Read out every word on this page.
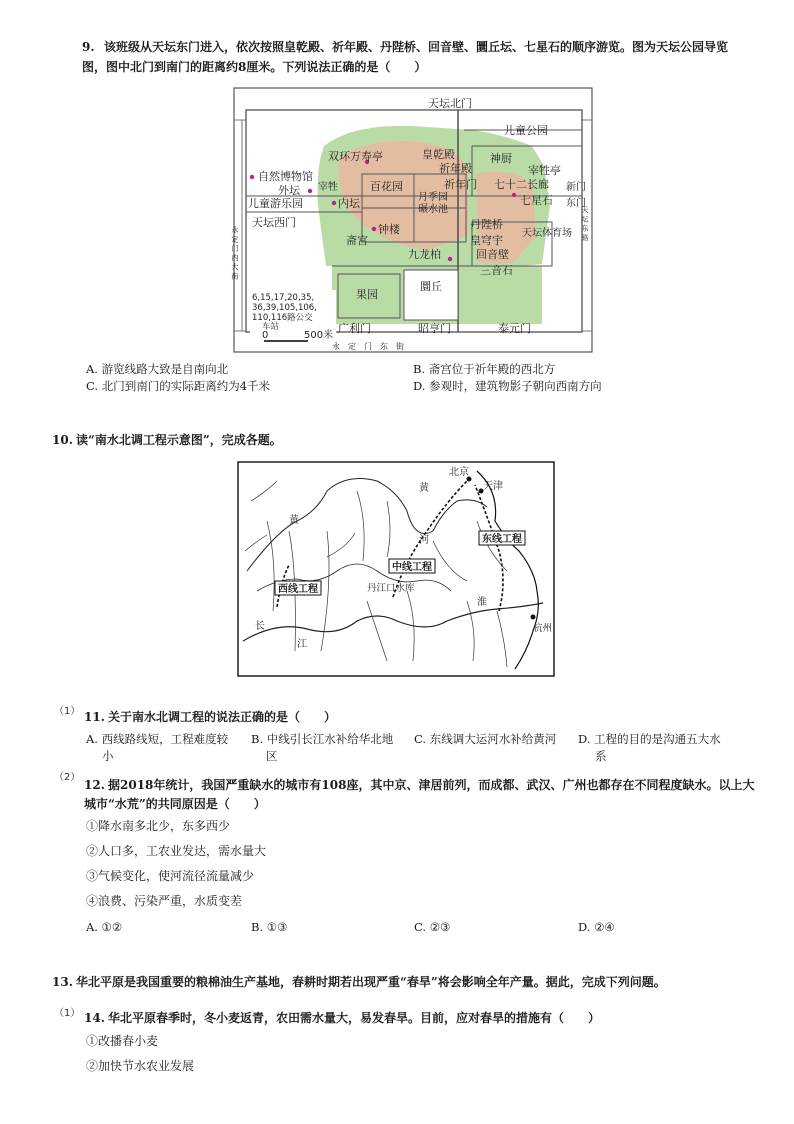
9. 该班级从天坛东门进入，依次按照皇乾殿、祈年殿、丹陛桥、回音壁、圜丘坛、七星石的顺序游览。图为天坛公园导览
图，图中北门到南门的距离约8厘米。下列说法正确的是（　　）
天坛北门
儿童公园
皇乾殿
双环万寿亭
祈年殿
神厨
宰牲亭
自然博物馆
外坛 宰牲
儿童游乐园
百花园
内坛
祈年门 七十二长廊
七星石
新门
东门
月季园
碾水池
天坛西门
钟楼
斋宫
丹陛桥
皇穹宇
天坛体育场
回音壁
九龙柏
三音石
果园
圜丘
6,15,17,20,35,
36,39,105,106,
110,116路公交
车站
0	500米
广利门	昭亨门	泰元门
永　定　门　东　街
永 定 门 内 大 街
天 坛 东 路
A. 游览线路大致是自南向北	B. 斋宫位于祈年殿的西北方
C. 北门到南门的实际距离约为4千米	D. 参观时，建筑物影子朝向西南方向
10. 读“南水北调工程示意图”，完成各题。
北京
天津
东线工程
中线工程
西线工程	丹江口水库
杭州
黄
河
黄
长
江
淮
（1） 11. 关于南水北调工程的说法正确的是（　　）
A. 西线路线短，工程难度较
小
B. 中线引长江水补给华北地
区
C. 东线调大运河水补给黄河 D. 工程的目的是沟通五大水
系
（2）
12. 据2018年统计，我国严重缺水的城市有108座，其中京、津居前列，而成都、武汉、广州也都存在不同程度缺水。以上大
城市“水荒”的共同原因是（　　）
①降水南多北少，东多西少
②人口多，工农业发达，需水量大
③气候变化，使河流径流量减少
④浪费、污染严重，水质变差
A. ①②	B. ①③	C. ②③	D. ②④
13. 华北平原是我国重要的粮棉油生产基地，春耕时期若出现严重“春旱”将会影响全年产量。据此，完成下列问题。
（1） 14. 华北平原春季时，冬小麦返青，农田需水量大，易发春旱。目前，应对春旱的措施有（　　）
①改播春小麦
②加快节水农业发展
